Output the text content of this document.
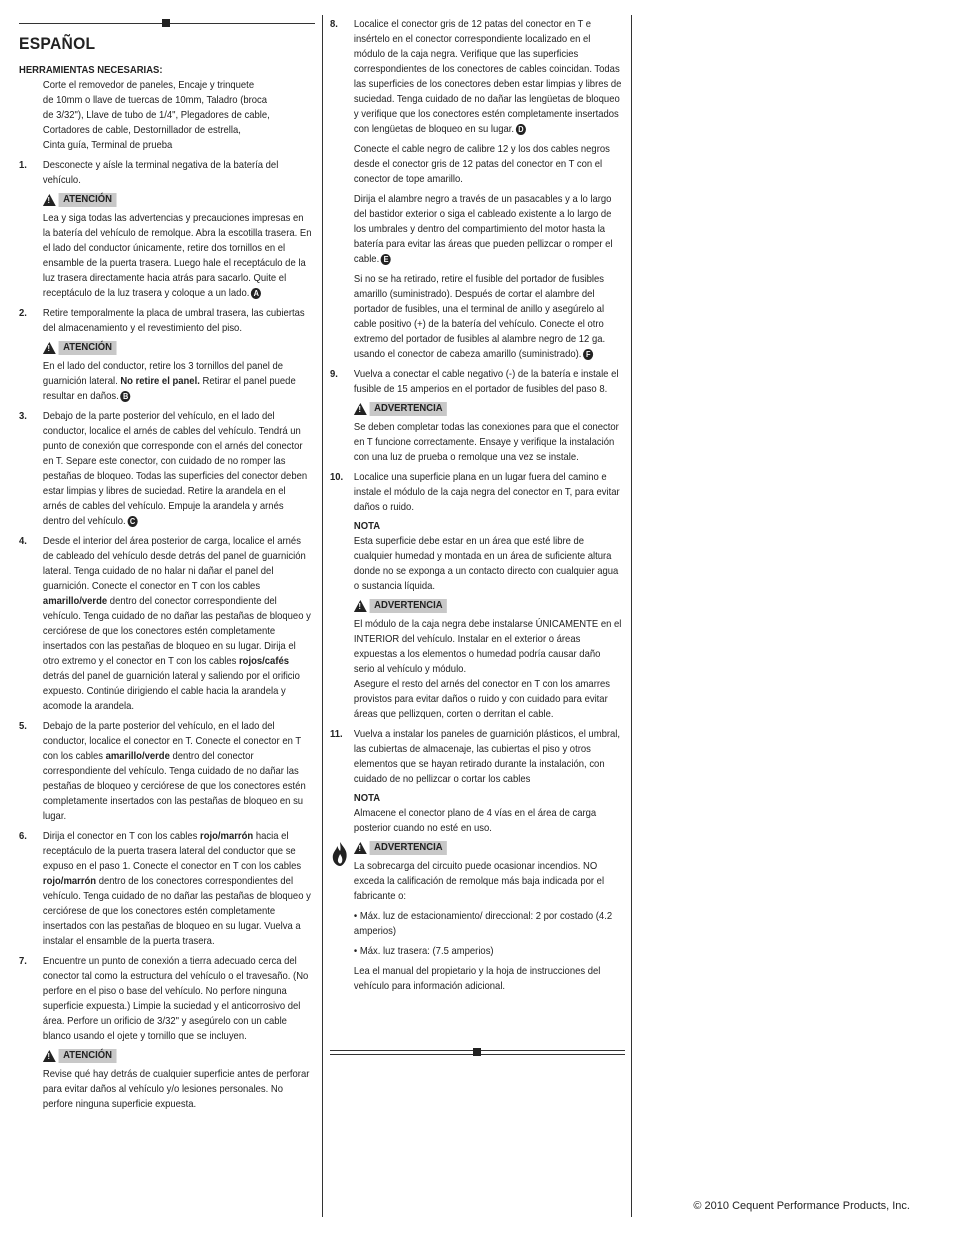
ESPAÑOL
HERRAMIENTAS NECESARIAS:
Corte el removedor de paneles, Encaje y trinquete
de 10mm o llave de tuercas de 10mm, Taladro (broca
de 3/32"), Llave de tubo de 1/4", Plegadores de cable,
Cortadores de cable, Destornillador de estrella,
Cinta guía, Terminal de prueba
1.	Desconecte y aísle la terminal negativa de la batería del vehículo.

!
ATENCIÓN

Lea y siga todas las advertencias y precauciones impresas en la batería del vehículo de remolque. Abra la escotilla trasera. En el lado del conductor únicamente, retire dos tornillos en el ensamble de la puerta trasera. Luego hale el receptáculo de la luz trasera directamente hacia atrás para sacarlo. Quite el receptáculo de la luz trasera y coloque a un lado. A

2.	Retire temporalmente la placa de umbral trasera, las cubiertas del almacenamiento y el revestimiento del piso.

!
ATENCIÓN

En el lado del conductor, retire los 3 tornillos del panel de guarnición lateral. No retire el panel. Retirar el panel puede resultar en daños. B

3.	Debajo de la parte posterior del vehículo, en el lado del conductor, localice el arnés de cables del vehículo. Tendrá un punto de conexión que corresponde con el arnés del conector en T. Separe este conector, con cuidado de no romper las pestañas de bloqueo. Todas las superficies del conector deben estar limpias y libres de suciedad. Retire la arandela en el arnés de cables del vehículo. Empuje la arandela y arnés dentro del vehículo. C

4.	Desde el interior del área posterior de carga, localice el arnés de cableado del vehículo desde detrás del panel de guarnición lateral. Tenga cuidado de no halar ni dañar el panel del guarnición. Conecte el conector en T con los cables amarillo/verde dentro del conector correspondiente del vehículo. Tenga cuidado de no dañar las pestañas de bloqueo y cerciórese de que los conectores estén completamente insertados con las pestañas de bloqueo en su lugar. Dirija el otro extremo y el conector en T con los cables rojos/cafés detrás del panel de guarnición lateral y saliendo por el orificio expuesto. Continúe dirigiendo el cable hacia la arandela y acomode la arandela.

5.	Debajo de la parte posterior del vehículo, en el lado del conductor, localice el conector en T. Conecte el conector en T con los cables amarillo/verde dentro del conector correspondiente del vehículo. Tenga cuidado de no dañar las pestañas de bloqueo y cerciórese de que los conectores estén completamente insertados con las pestañas de bloqueo en su lugar.

6.	Dirija el conector en T con los cables rojo/marrón hacia el receptáculo de la puerta trasera lateral del conductor que se expuso en el paso 1. Conecte el conector en T con los cables rojo/marrón dentro de los conectores correspondientes del vehículo. Tenga cuidado de no dañar las pestañas de bloqueo y cerciórese de que los conectores estén completamente insertados con las pestañas de bloqueo en su lugar. Vuelva a instalar el ensamble de la puerta trasera.

7.	Encuentre un punto de conexión a tierra adecuado cerca del conector tal como la estructura del vehículo o el travesaño. (No perfore en el piso o base del vehículo. No perfore ninguna superficie expuesta.) Limpie la suciedad y el anticorrosivo del área. Perfore un orificio de 3/32" y asegúrelo con un cable blanco usando el ojete y tornillo que se incluyen.

!
ATENCIÓN

Revise qué hay detrás de cualquier superficie antes de perforar para evitar daños al vehículo y/o lesiones personales. No perfore ninguna superficie expuesta.

8.	Localice el conector gris de 12 patas del conector en T e insértelo en el conector correspondiente localizado en el módulo de la caja negra. Verifique que las superficies correspondientes de los conectores de cables coincidan. Todas las superficies de los conectores deben estar limpias y libres de suciedad. Tenga cuidado de no dañar las lengüetas de bloqueo y verifique que los conectores estén completamente insertados con lengüetas de bloqueo en su lugar. D

Conecte el cable negro de calibre 12 y los dos cables negros desde el conector gris de 12 patas del conector en T con el conector de tope amarillo.

Dirija el alambre negro a través de un pasacables y a lo largo del bastidor exterior o siga el cableado existente a lo largo de los umbrales y dentro del compartimiento del motor hasta la batería para evitar las áreas que pueden pellizcar o romper el cable. E

Si no se ha retirado, retire el fusible del portador de fusibles amarillo (suministrado). Después de cortar el alambre del portador de fusibles, una el terminal de anillo y asegúrelo al cable positivo (+) de la batería del vehículo. Conecte el otro extremo del portador de fusibles al alambre negro de 12 ga. usando el conector de cabeza amarillo (suministrado). F

9.	Vuelva a conectar el cable negativo (-) de la batería e instale el fusible de 15 amperios en el portador de fusibles del paso 8.

!
ADVERTENCIA

Se deben completar todas las conexiones para que el conector en T funcione correctamente. Ensaye y verifique la instalación con una luz de prueba o remolque una vez se instale.

10.	Localice una superficie plana en un lugar fuera del camino e instale el módulo de la caja negra del conector en T, para evitar daños o ruido.

NOTA

Esta superficie debe estar en un área que esté libre de cualquier humedad y montada en un área de suficiente altura donde no se exponga a un contacto directo con cualquier agua o sustancia líquida.

!
ADVERTENCIA

El módulo de la caja negra debe instalarse ÚNICAMENTE en el INTERIOR del vehículo. Instalar en el exterior o áreas expuestas a los elementos o humedad podría causar daño serio al vehículo y módulo.

Asegure el resto del arnés del conector en T con los amarres provistos para evitar daños o ruido y con cuidado para evitar áreas que pellizquen, corten o derritan el cable.

11.	Vuelva a instalar los paneles de guarnición plásticos, el umbral, las cubiertas de almacenaje, las cubiertas el piso y otros elementos que se hayan retirado durante la instalación, con cuidado de no pellizcar o cortar los cables

NOTA

Almacene el conector plano de 4 vías en el área de carga posterior cuando no esté en uso.

!
ADVERTENCIA

La sobrecarga del circuito puede ocasionar incendios. NO exceda la calificación de remolque más baja indicada por el fabricante o:

• Máx. luz de estacionamiento/ direccional: 2 por costado (4.2 amperios)

• Máx. luz trasera: (7.5 amperios)

Lea el manual del propietario y la hoja de instrucciones del vehículo para información adicional.

© 2010 Cequent Performance Products, Inc.
